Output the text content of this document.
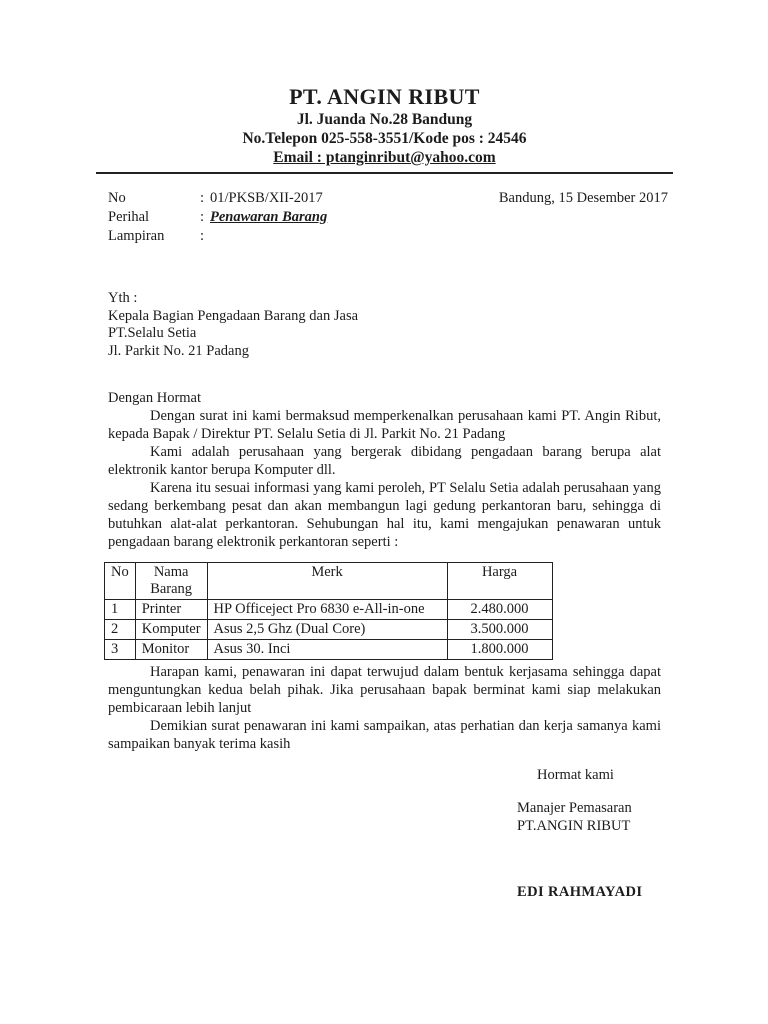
PT. ANGIN RIBUT
Jl. Juanda No.28 Bandung
No.Telepon 025-558-3551/Kode pos : 24546
Email : ptanginribut@yahoo.com
Bandung, 15 Desember 2017
No	: 01/PKSB/XII-2017
Perihal	: Penawaran Barang
Lampiran	:
Yth :
Kepala Bagian Pengadaan Barang dan Jasa
PT.Selalu Setia
Jl. Parkit No. 21 Padang
Dengan Hormat

Dengan surat ini kami bermaksud memperkenalkan perusahaan kami PT. Angin Ribut, kepada Bapak / Direktur PT. Selalu Setia di Jl. Parkit No. 21 Padang

Kami adalah perusahaan yang bergerak dibidang pengadaan barang berupa alat elektronik kantor berupa Komputer dll.

Karena itu sesuai informasi yang kami peroleh, PT Selalu Setia adalah perusahaan yang sedang berkembang pesat dan akan membangun lagi gedung perkantoran baru, sehingga di butuhkan alat-alat perkantoran. Sehubungan hal itu, kami mengajukan penawaran untuk pengadaan barang elektronik perkantoran seperti :

No	Nama Barang	Merk	Harga
1	Printer	HP Officeject Pro 6830 e-All-in-one	2.480.000
2	Komputer	Asus 2,5 Ghz (Dual Core)	3.500.000
3	Monitor	Asus 30. Inci	1.800.000

Harapan kami, penawaran ini dapat terwujud dalam bentuk kerjasama sehingga dapat menguntungkan kedua belah pihak. Jika perusahaan bapak berminat kami siap melakukan pembicaraan lebih lanjut

Demikian surat penawaran ini kami sampaikan, atas perhatian dan kerja samanya kami sampaikan banyak terima kasih

Hormat kami
Manajer Pemasaran
PT.ANGIN RIBUT
EDI RAHMAYADI
